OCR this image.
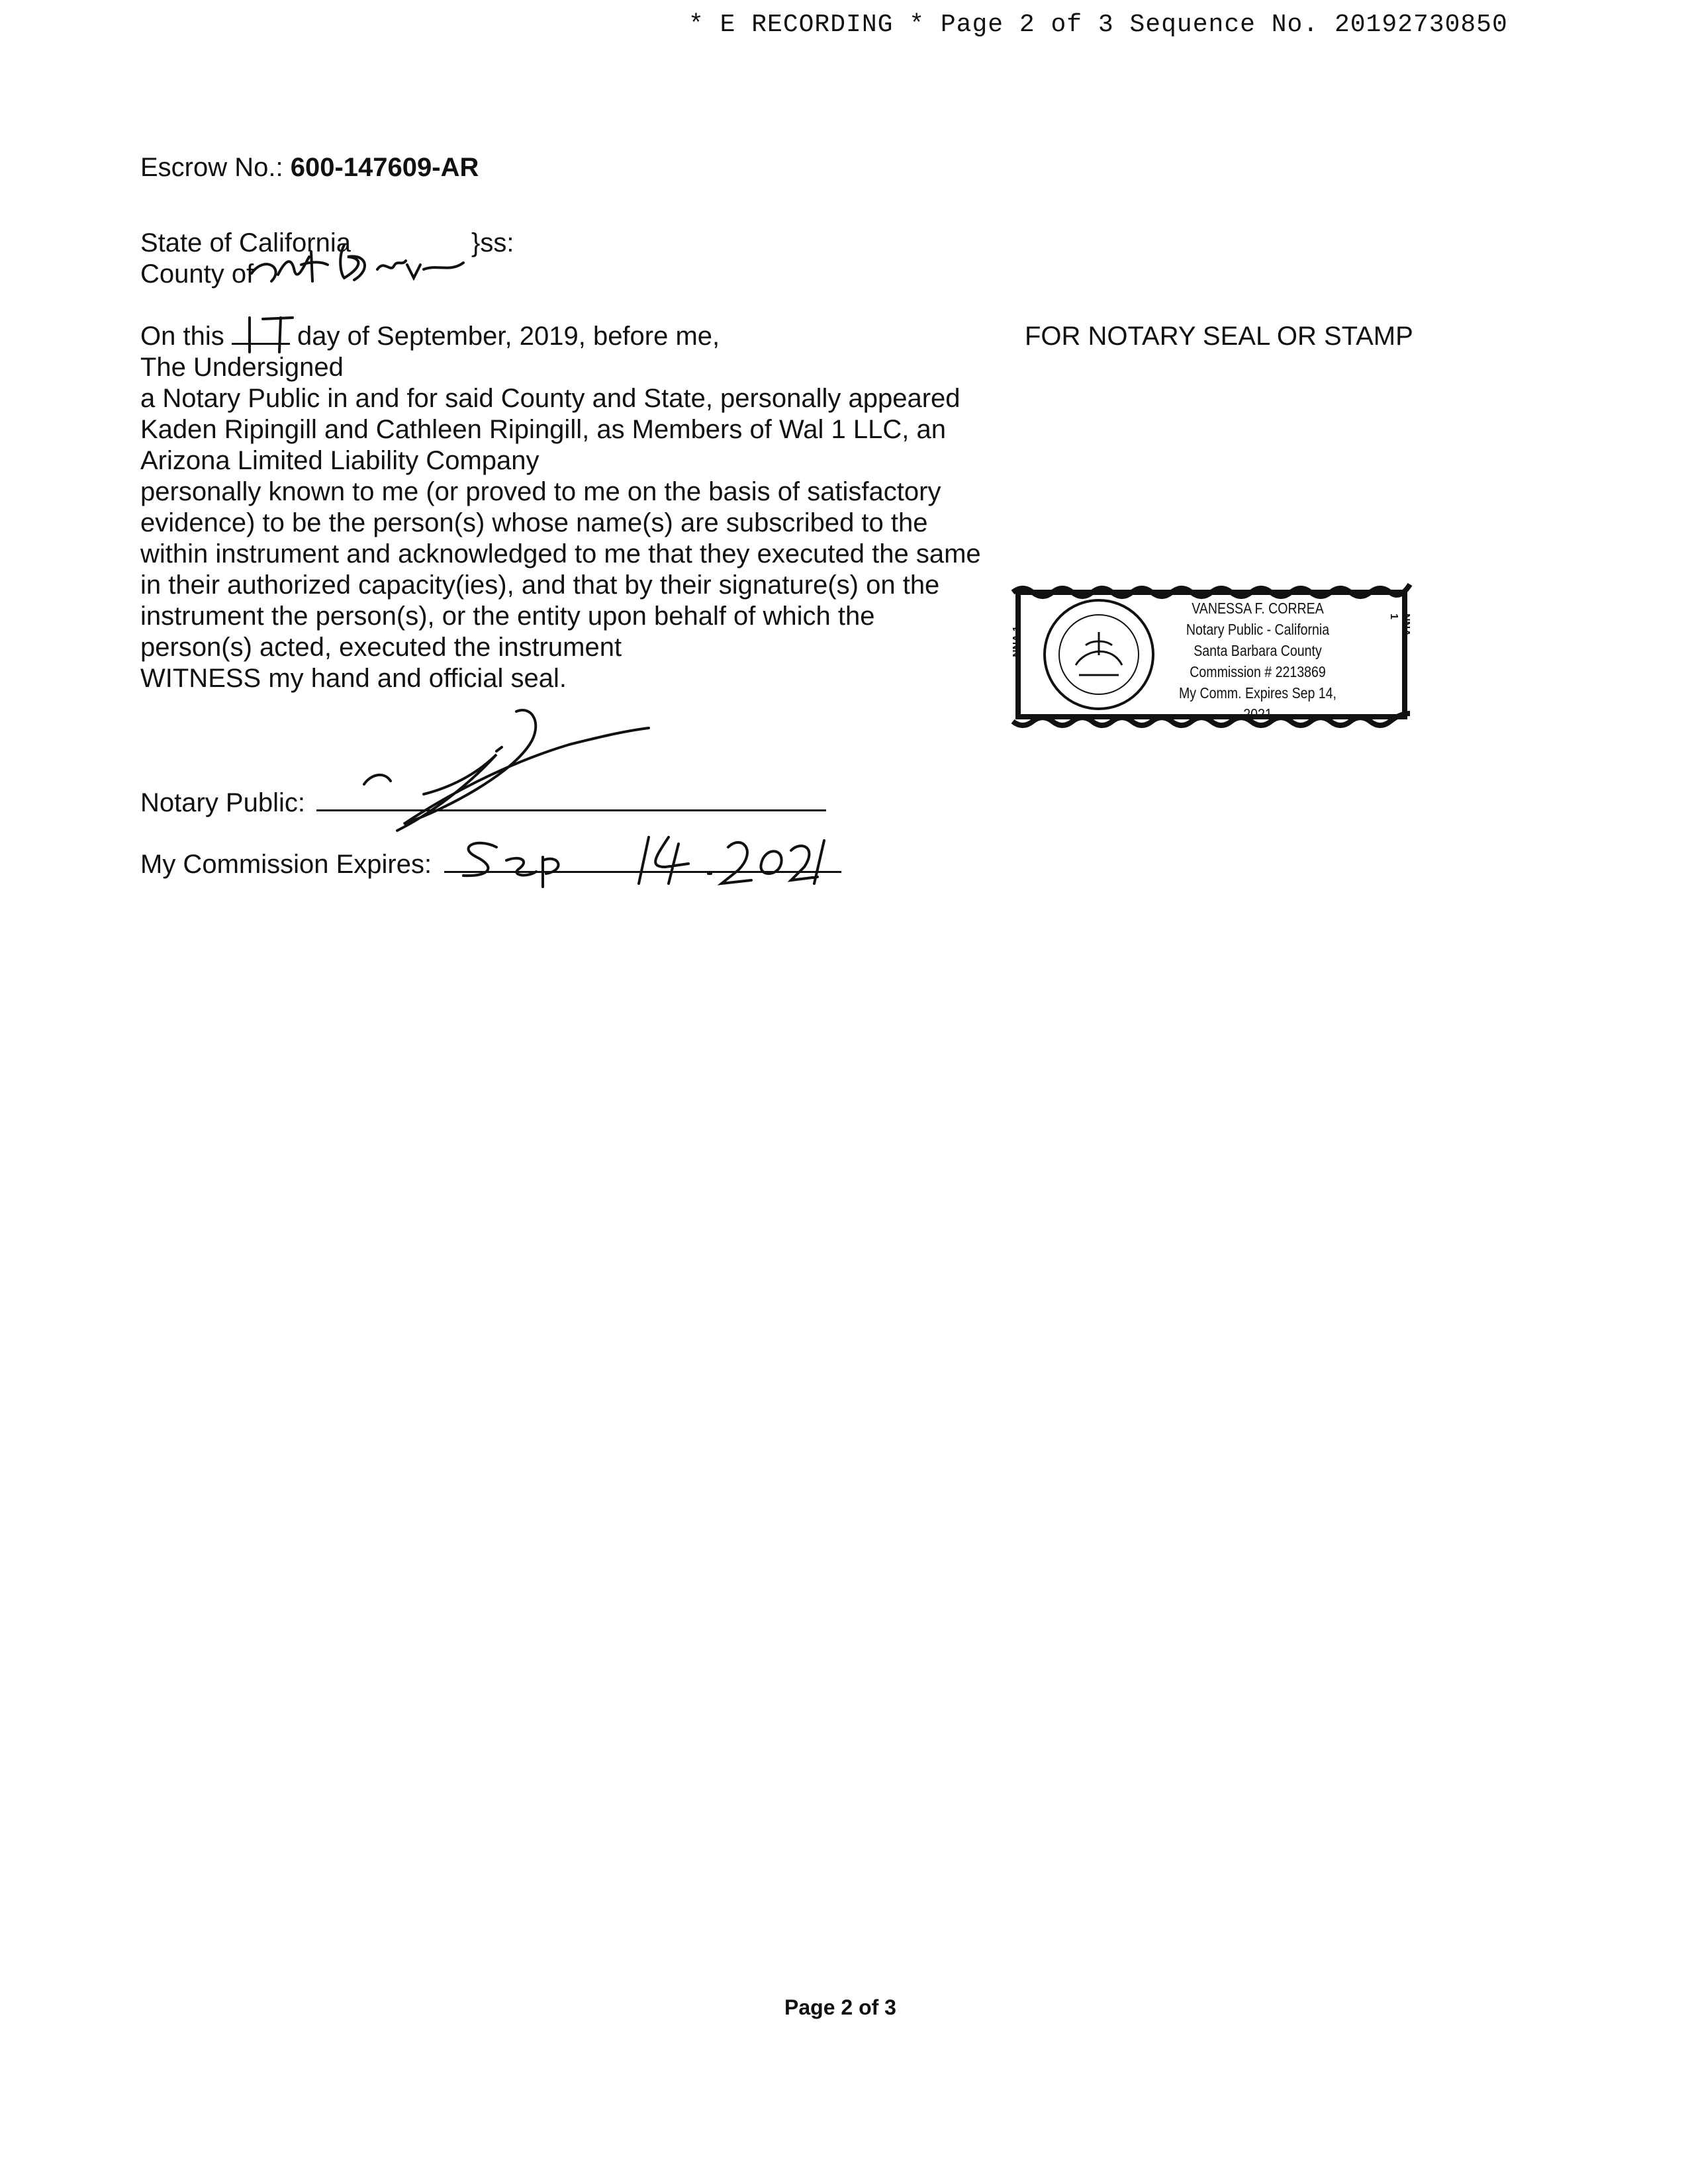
* E RECORDING * Page 2 of 3 Sequence No. 20192730850
Escrow No.: 600-147609-AR
State of California	}ss:
County of

On this	day of September, 2019, before me,

The Undersigned

a Notary Public in and for said County and State, personally appeared

Kaden Ripingill and Cathleen Ripingill, as Members of Wal 1 LLC, an Arizona Limited Liability Company

personally known to me (or proved to me on the basis of satisfactory evidence) to be the person(s) whose name(s) are subscribed to the within instrument and acknowledged to me that they executed the same in their authorized capacity(ies), and that by their signature(s) on the instrument the person(s), or the entity upon behalf of which the person(s) acted, executed the instrument

WITNESS my hand and official seal.

FOR NOTARY SEAL OR STAMP
Notary Public:
My Commission Expires:
VANESSA F. CORREA
Notary Public - California
Santa Barbara County
Commission # 2213869
My Comm. Expires Sep 14, 2021
NNA 1
NNA 1
Page 2 of 3
